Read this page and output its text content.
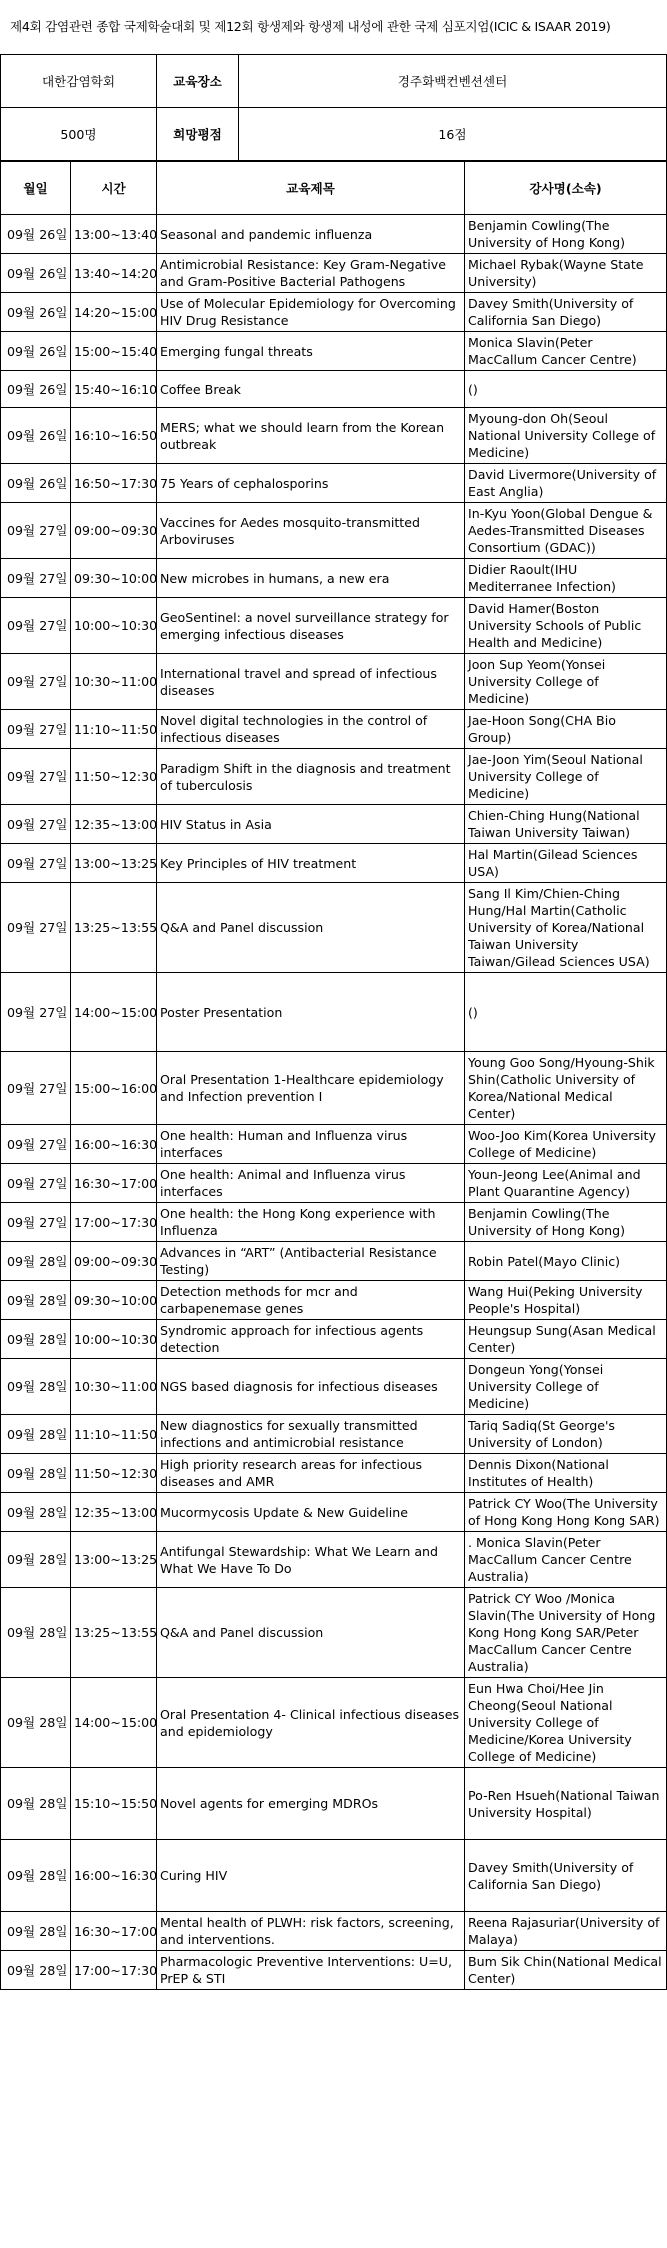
제4회 감염관련 종합 국제학술대회 및 제12회 항생제와 항생제 내성에 관한 국제 심포지엄(ICIC & ISAAR 2019)
대한감염학회	교육장소	경주화백컨벤션센터
500명	희망평점	16점
월일	시간	교육제목	강사명(소속)
09월 26일	13:00~13:40	Seasonal and pandemic influenza	Benjamin Cowling(The University of Hong Kong)
09월 26일	13:40~14:20	Antimicrobial Resistance: Key Gram-Negative and Gram-Positive Bacterial Pathogens	Michael Rybak(Wayne State University)
09월 26일	14:20~15:00	Use of Molecular Epidemiology for Overcoming HIV Drug Resistance	Davey Smith(University of California San Diego)
09월 26일	15:00~15:40	Emerging fungal threats	Monica Slavin(Peter MacCallum Cancer Centre)
09월 26일	15:40~16:10	Coffee Break	()
09월 26일	16:10~16:50	MERS; what we should learn from the Korean outbreak	Myoung-don Oh(Seoul National University College of Medicine)
09월 26일	16:50~17:30	75 Years of cephalosporins	David Livermore(University of East Anglia)
09월 27일	09:00~09:30	Vaccines for Aedes mosquito-transmitted Arboviruses	In-Kyu Yoon(Global Dengue & Aedes-Transmitted Diseases Consortium (GDAC))
09월 27일	09:30~10:00	New microbes in humans, a new era	Didier Raoult(IHU Mediterranee Infection)
09월 27일	10:00~10:30	GeoSentinel: a novel surveillance strategy for emerging infectious diseases	David Hamer(Boston University Schools of Public Health and Medicine)
09월 27일	10:30~11:00	International travel and spread of infectious diseases	Joon Sup Yeom(Yonsei University College of Medicine)
09월 27일	11:10~11:50	Novel digital technologies in the control of infectious diseases	Jae-Hoon Song(CHA Bio Group)
09월 27일	11:50~12:30	Paradigm Shift in the diagnosis and treatment of tuberculosis	Jae-Joon Yim(Seoul National University College of Medicine)
09월 27일	12:35~13:00	HIV Status in Asia	Chien-Ching Hung(National Taiwan University Taiwan)
09월 27일	13:00~13:25	Key Principles of HIV treatment	Hal Martin(Gilead Sciences USA)
09월 27일	13:25~13:55	Q&A and Panel discussion	Sang Il Kim/Chien-Ching Hung/Hal Martin(Catholic University of Korea/National Taiwan University Taiwan/Gilead Sciences USA)
09월 27일	14:00~15:00	Poster Presentation	()
09월 27일	15:00~16:00	Oral Presentation 1-Healthcare epidemiology and Infection prevention I	Young Goo Song/Hyoung-Shik Shin(Catholic University of Korea/National Medical Center)
09월 27일	16:00~16:30	One health: Human and Influenza virus interfaces	Woo-Joo Kim(Korea University College of Medicine)
09월 27일	16:30~17:00	One health: Animal and Influenza virus interfaces	Youn-Jeong Lee(Animal and Plant Quarantine Agency)
09월 27일	17:00~17:30	One health: the Hong Kong experience with Influenza	Benjamin Cowling(The University of Hong Kong)
09월 28일	09:00~09:30	Advances in “ART” (Antibacterial Resistance Testing)	Robin Patel(Mayo Clinic)
09월 28일	09:30~10:00	Detection methods for mcr and carbapenemase genes	Wang Hui(Peking University People's Hospital)
09월 28일	10:00~10:30	Syndromic approach for infectious agents detection	Heungsup Sung(Asan Medical Center)
09월 28일	10:30~11:00	NGS based diagnosis for infectious diseases	Dongeun Yong(Yonsei University College of Medicine)
09월 28일	11:10~11:50	New diagnostics for sexually transmitted infections and antimicrobial resistance	Tariq Sadiq(St George's University of London)
09월 28일	11:50~12:30	High priority research areas for infectious diseases and AMR	Dennis Dixon(National Institutes of Health)
09월 28일	12:35~13:00	Mucormycosis Update & New Guideline	Patrick CY Woo(The University of Hong Kong Hong Kong SAR)
09월 28일	13:00~13:25	Antifungal Stewardship: What We Learn and What We Have To Do	. Monica Slavin(Peter MacCallum Cancer Centre Australia)
09월 28일	13:25~13:55	Q&A and Panel discussion	Patrick CY Woo /Monica Slavin(The University of Hong Kong Hong Kong SAR/Peter MacCallum Cancer Centre Australia)
09월 28일	14:00~15:00	Oral Presentation 4- Clinical infectious diseases and epidemiology	Eun Hwa Choi/Hee Jin Cheong(Seoul National University College of Medicine/Korea University College of Medicine)
09월 28일	15:10~15:50	Novel agents for emerging MDROs	Po-Ren Hsueh(National Taiwan University Hospital)
09월 28일	16:00~16:30	Curing HIV	Davey Smith(University of California San Diego)
09월 28일	16:30~17:00	Mental health of PLWH: risk factors, screening, and interventions.	Reena Rajasuriar(University of Malaya)
09월 28일	17:00~17:30	Pharmacologic Preventive Interventions: U=U, PrEP & STI	Bum Sik Chin(National Medical Center)
